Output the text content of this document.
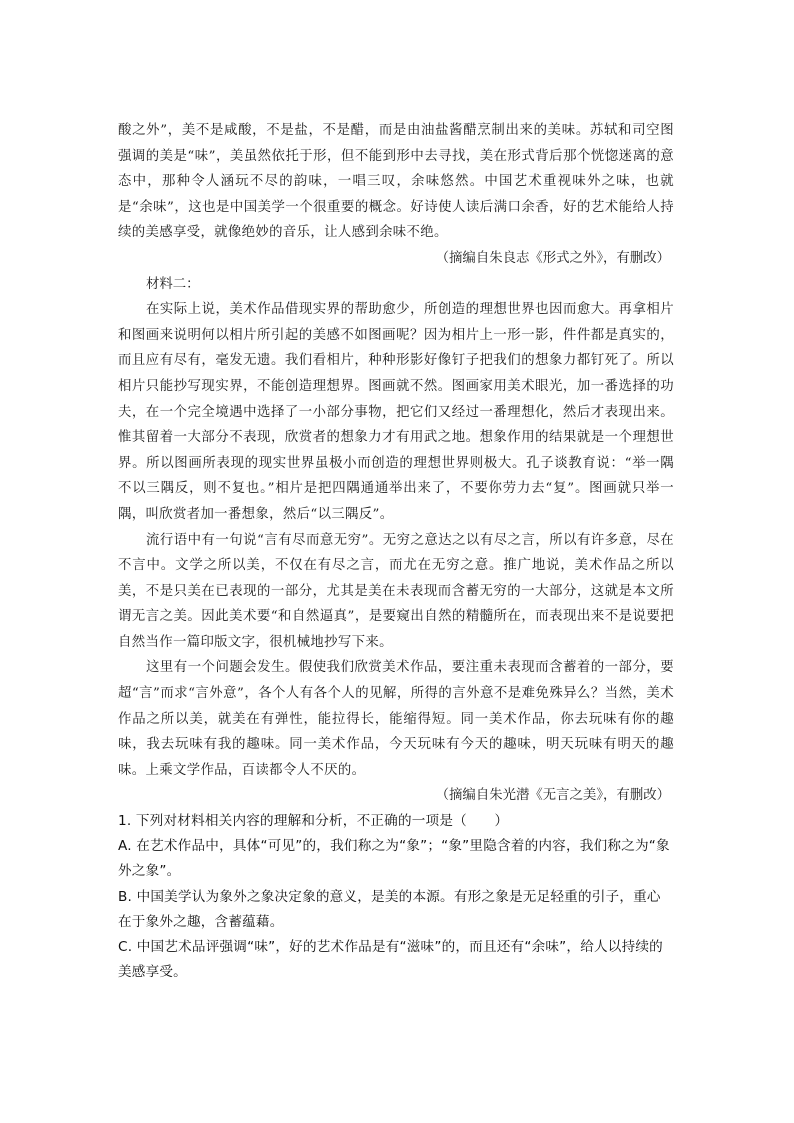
酸之外”，美不是咸酸，不是盐，不是醋，而是由油盐酱醋烹制出来的美味。苏轼和司空图强调的美是“味”，美虽然依托于形，但不能到形中去寻找，美在形式背后那个恍惚迷离的意态中，那种令人涵玩不尽的韵味，一唱三叹，余味悠然。中国艺术重视味外之味，也就是“余味”，这也是中国美学一个很重要的概念。好诗使人读后满口余香，好的艺术能给人持续的美感享受，就像绝妙的音乐，让人感到余味不绝。

（摘编自朱良志《形式之外》，有删改）

材料二：

在实际上说，美术作品借现实界的帮助愈少，所创造的理想世界也因而愈大。再拿相片和图画来说明何以相片所引起的美感不如图画呢？因为相片上一形一影，件件都是真实的，而且应有尽有，毫发无遗。我们看相片，种种形影好像钉子把我们的想象力都钉死了。所以相片只能抄写现实界，不能创造理想界。图画就不然。图画家用美术眼光，加一番选择的功夫，在一个完全境遇中选择了一小部分事物，把它们又经过一番理想化，然后才表现出来。惟其留着一大部分不表现，欣赏者的想象力才有用武之地。想象作用的结果就是一个理想世界。所以图画所表现的现实世界虽极小而创造的理想世界则极大。孔子谈教育说：“举一隅不以三隅反，则不复也。”相片是把四隅通通举出来了，不要你劳力去“复”。图画就只举一隅，叫欣赏者加一番想象，然后“以三隅反”。

流行语中有一句说“言有尽而意无穷”。无穷之意达之以有尽之言，所以有许多意，尽在不言中。文学之所以美，不仅在有尽之言，而尤在无穷之意。推广地说，美术作品之所以美，不是只美在已表现的一部分，尤其是美在未表现而含蓄无穷的一大部分，这就是本文所谓无言之美。因此美术要“和自然逼真”，是要窥出自然的精髓所在，而表现出来不是说要把自然当作一篇印版文字，很机械地抄写下来。

这里有一个问题会发生。假使我们欣赏美术作品，要注重未表现而含蓄着的一部分，要超“言”而求“言外意”，各个人有各个人的见解，所得的言外意不是难免殊异么？当然，美术作品之所以美，就美在有弹性，能拉得长，能缩得短。同一美术作品，你去玩味有你的趣味，我去玩味有我的趣味。同一美术作品，今天玩味有今天的趣味，明天玩味有明天的趣味。上乘文学作品，百读都令人不厌的。

（摘编自朱光潜《无言之美》，有删改）

1. 下列对材料相关内容的理解和分析，不正确的一项是（　　）

A. 在艺术作品中，具体“可见”的，我们称之为“象”；“象”里隐含着的内容，我们称之为“象外之象”。

B. 中国美学认为象外之象决定象的意义，是美的本源。有形之象是无足轻重的引子，重心在于象外之趣，含蓄蕴藉。

C. 中国艺术品评强调“味”，好的艺术作品是有“滋味”的，而且还有“余味”，给人以持续的美感享受。
